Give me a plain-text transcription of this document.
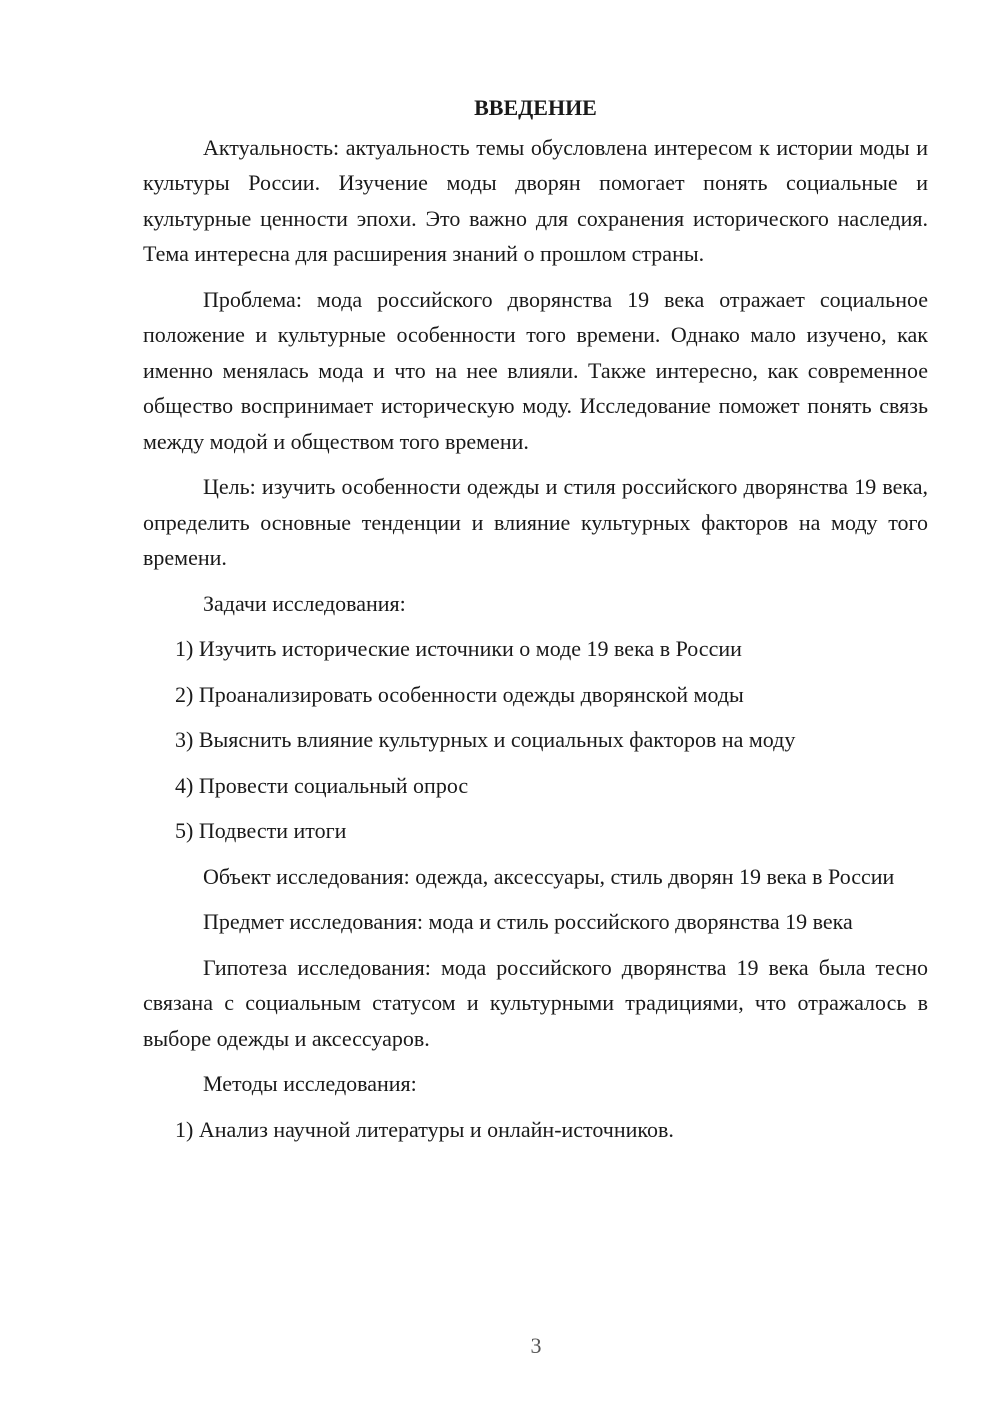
ВВЕДЕНИЕ

Актуальность: актуальность темы обусловлена интересом к истории моды и культуры России. Изучение моды дворян помогает понять социальные и культурные ценности эпохи. Это важно для сохранения исторического наследия. Тема интересна для расширения знаний о прошлом страны.

Проблема: мода российского дворянства 19 века отражает социальное положение и культурные особенности того времени. Однако мало изучено, как именно менялась мода и что на нее влияли. Также интересно, как современное общество воспринимает историческую моду. Исследование поможет понять связь между модой и обществом того времени.

Цель: изучить особенности одежды и стиля российского дворянства 19 века, определить основные тенденции и влияние культурных факторов на моду того времени.

Задачи исследования:

1) Изучить исторические источники о моде 19 века в России

2) Проанализировать особенности одежды дворянской моды

3) Выяснить влияние культурных и социальных факторов на моду

4) Провести социальный опрос

5) Подвести итоги

Объект исследования: одежда, аксессуары, стиль дворян 19 века в России

Предмет исследования: мода и стиль российского дворянства 19 века

Гипотеза исследования: мода российского дворянства 19 века была тесно связана с социальным статусом и культурными традициями, что отражалось в выборе одежды и аксессуаров.

Методы исследования:

1) Анализ научной литературы и онлайн-источников.

3
